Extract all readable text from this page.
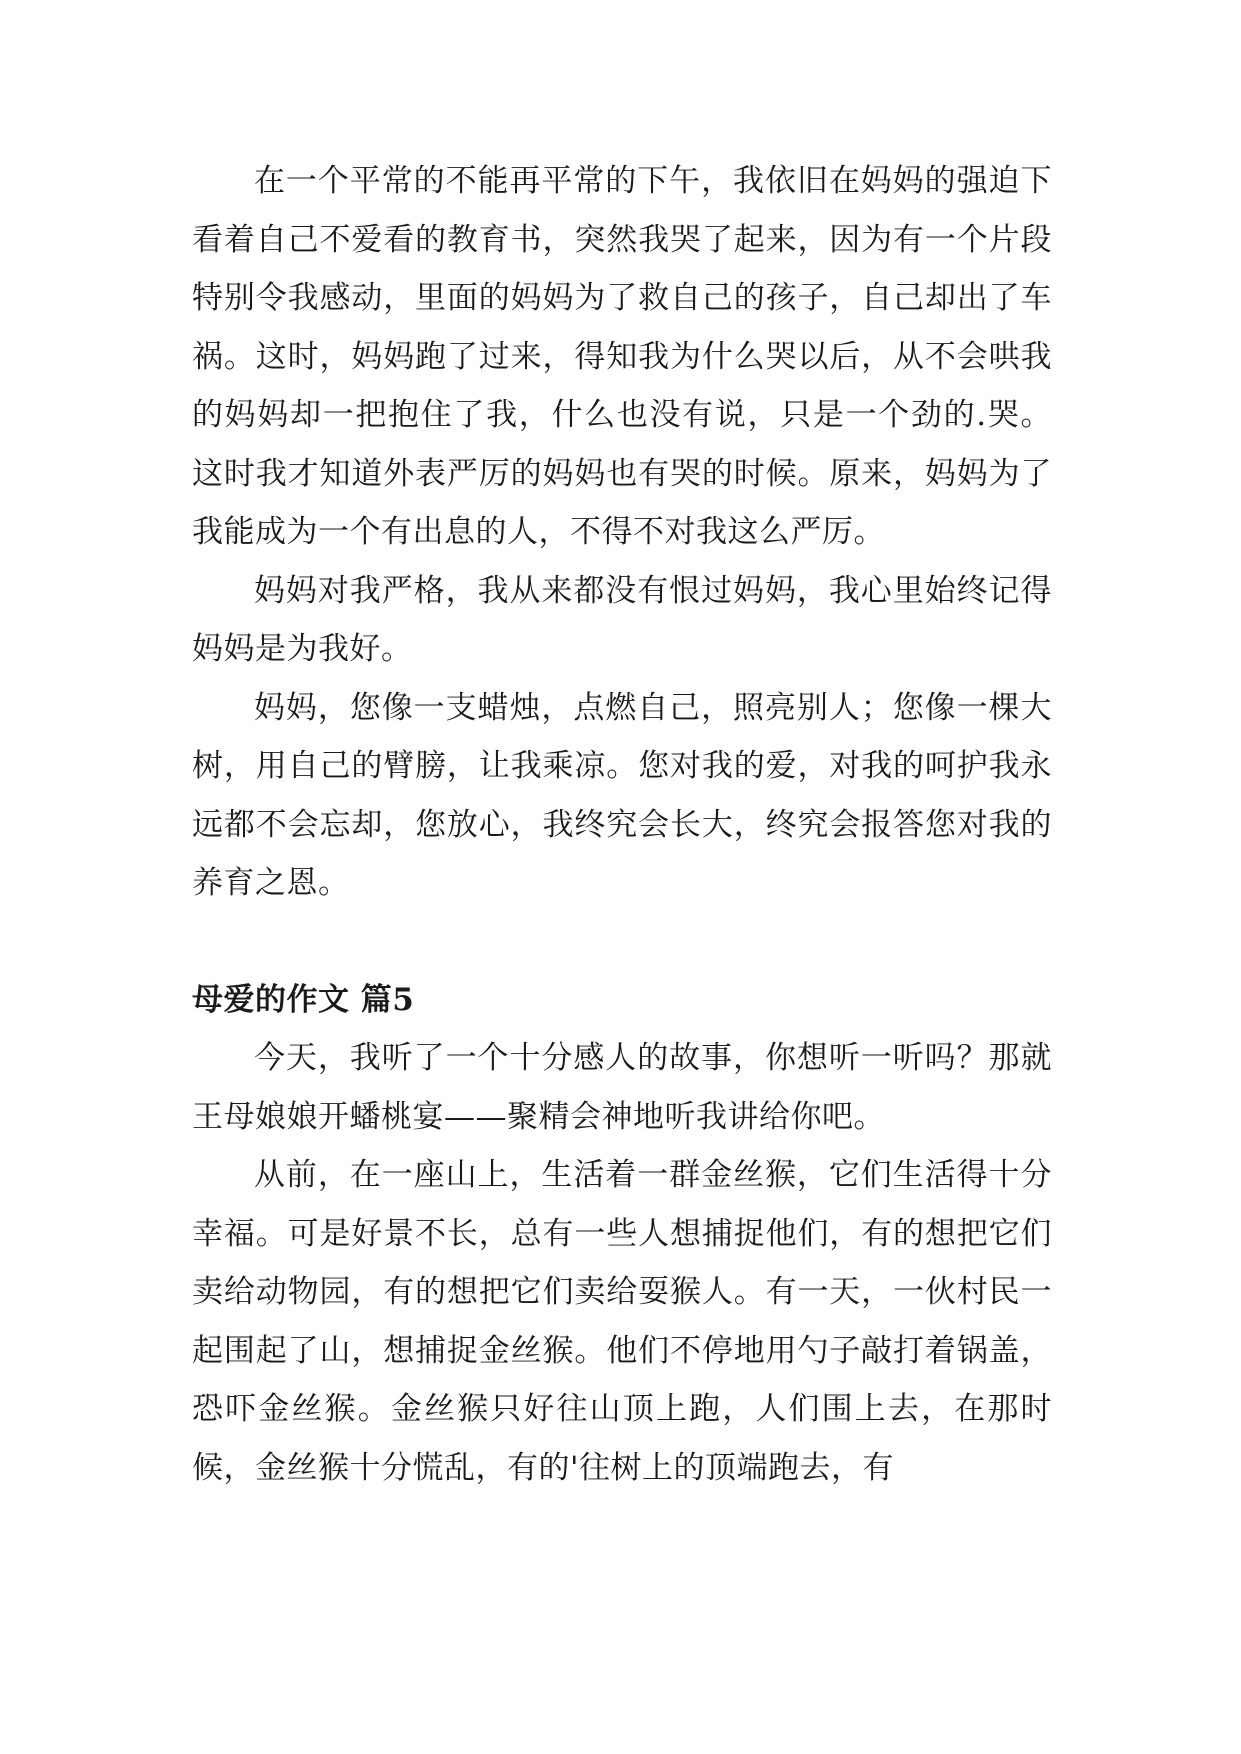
在一个平常的不能再平常的下午，我依旧在妈妈的强迫下看着自己不爱看的教育书，突然我哭了起来，因为有一个片段特别令我感动，里面的妈妈为了救自己的孩子，自己却出了车祸。这时，妈妈跑了过来，得知我为什么哭以后，从不会哄我的妈妈却一把抱住了我，什么也没有说，只是一个劲的.哭。这时我才知道外表严厉的妈妈也有哭的时候。原来，妈妈为了我能成为一个有出息的人，不得不对我这么严厉。

妈妈对我严格，我从来都没有恨过妈妈，我心里始终记得妈妈是为我好。

妈妈，您像一支蜡烛，点燃自己，照亮别人；您像一棵大树，用自己的臂膀，让我乘凉。您对我的爱，对我的呵护我永远都不会忘却，您放心，我终究会长大，终究会报答您对我的养育之恩。

母爱的作文 篇5

今天，我听了一个十分感人的故事，你想听一听吗？那就王母娘娘开蟠桃宴——聚精会神地听我讲给你吧。

从前，在一座山上，生活着一群金丝猴，它们生活得十分幸福。可是好景不长，总有一些人想捕捉他们，有的想把它们卖给动物园，有的想把它们卖给耍猴人。有一天，一伙村民一起围起了山，想捕捉金丝猴。他们不停地用勺子敲打着锅盖，恐吓金丝猴。金丝猴只好往山顶上跑，人们围上去，在那时候，金丝猴十分慌乱，有的'往树上的顶端跑去，有
